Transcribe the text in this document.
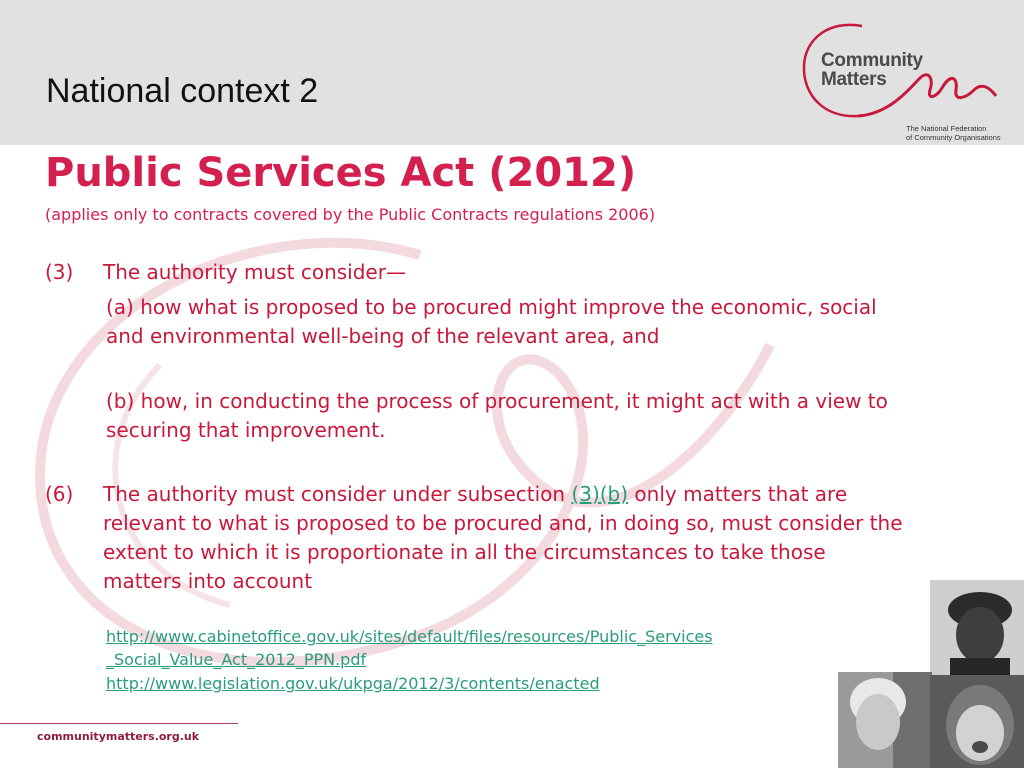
National context 2
Community
Matters
The National Federation
of Community Organisations
Public Services Act (2012)
(applies only to contracts covered by the Public Contracts regulations 2006)
(3) The authority must consider—
(a) how what is proposed to be procured might improve the economic, social and environmental well-being of the relevant area, and
(b) how, in conducting the process of procurement, it might act with a view to securing that improvement.
(6) The authority must consider under subsection (3)(b) only matters that are relevant to what is proposed to be procured and, in doing so, must consider the extent to which it is proportionate in all the circumstances to take those matters into account
http://www.cabinetoffice.gov.uk/sites/default/files/resources/Public_Services
_Social_Value_Act_2012_PPN.pdf
http://www.legislation.gov.uk/ukpga/2012/3/contents/enacted
communitymatters.org.uk
